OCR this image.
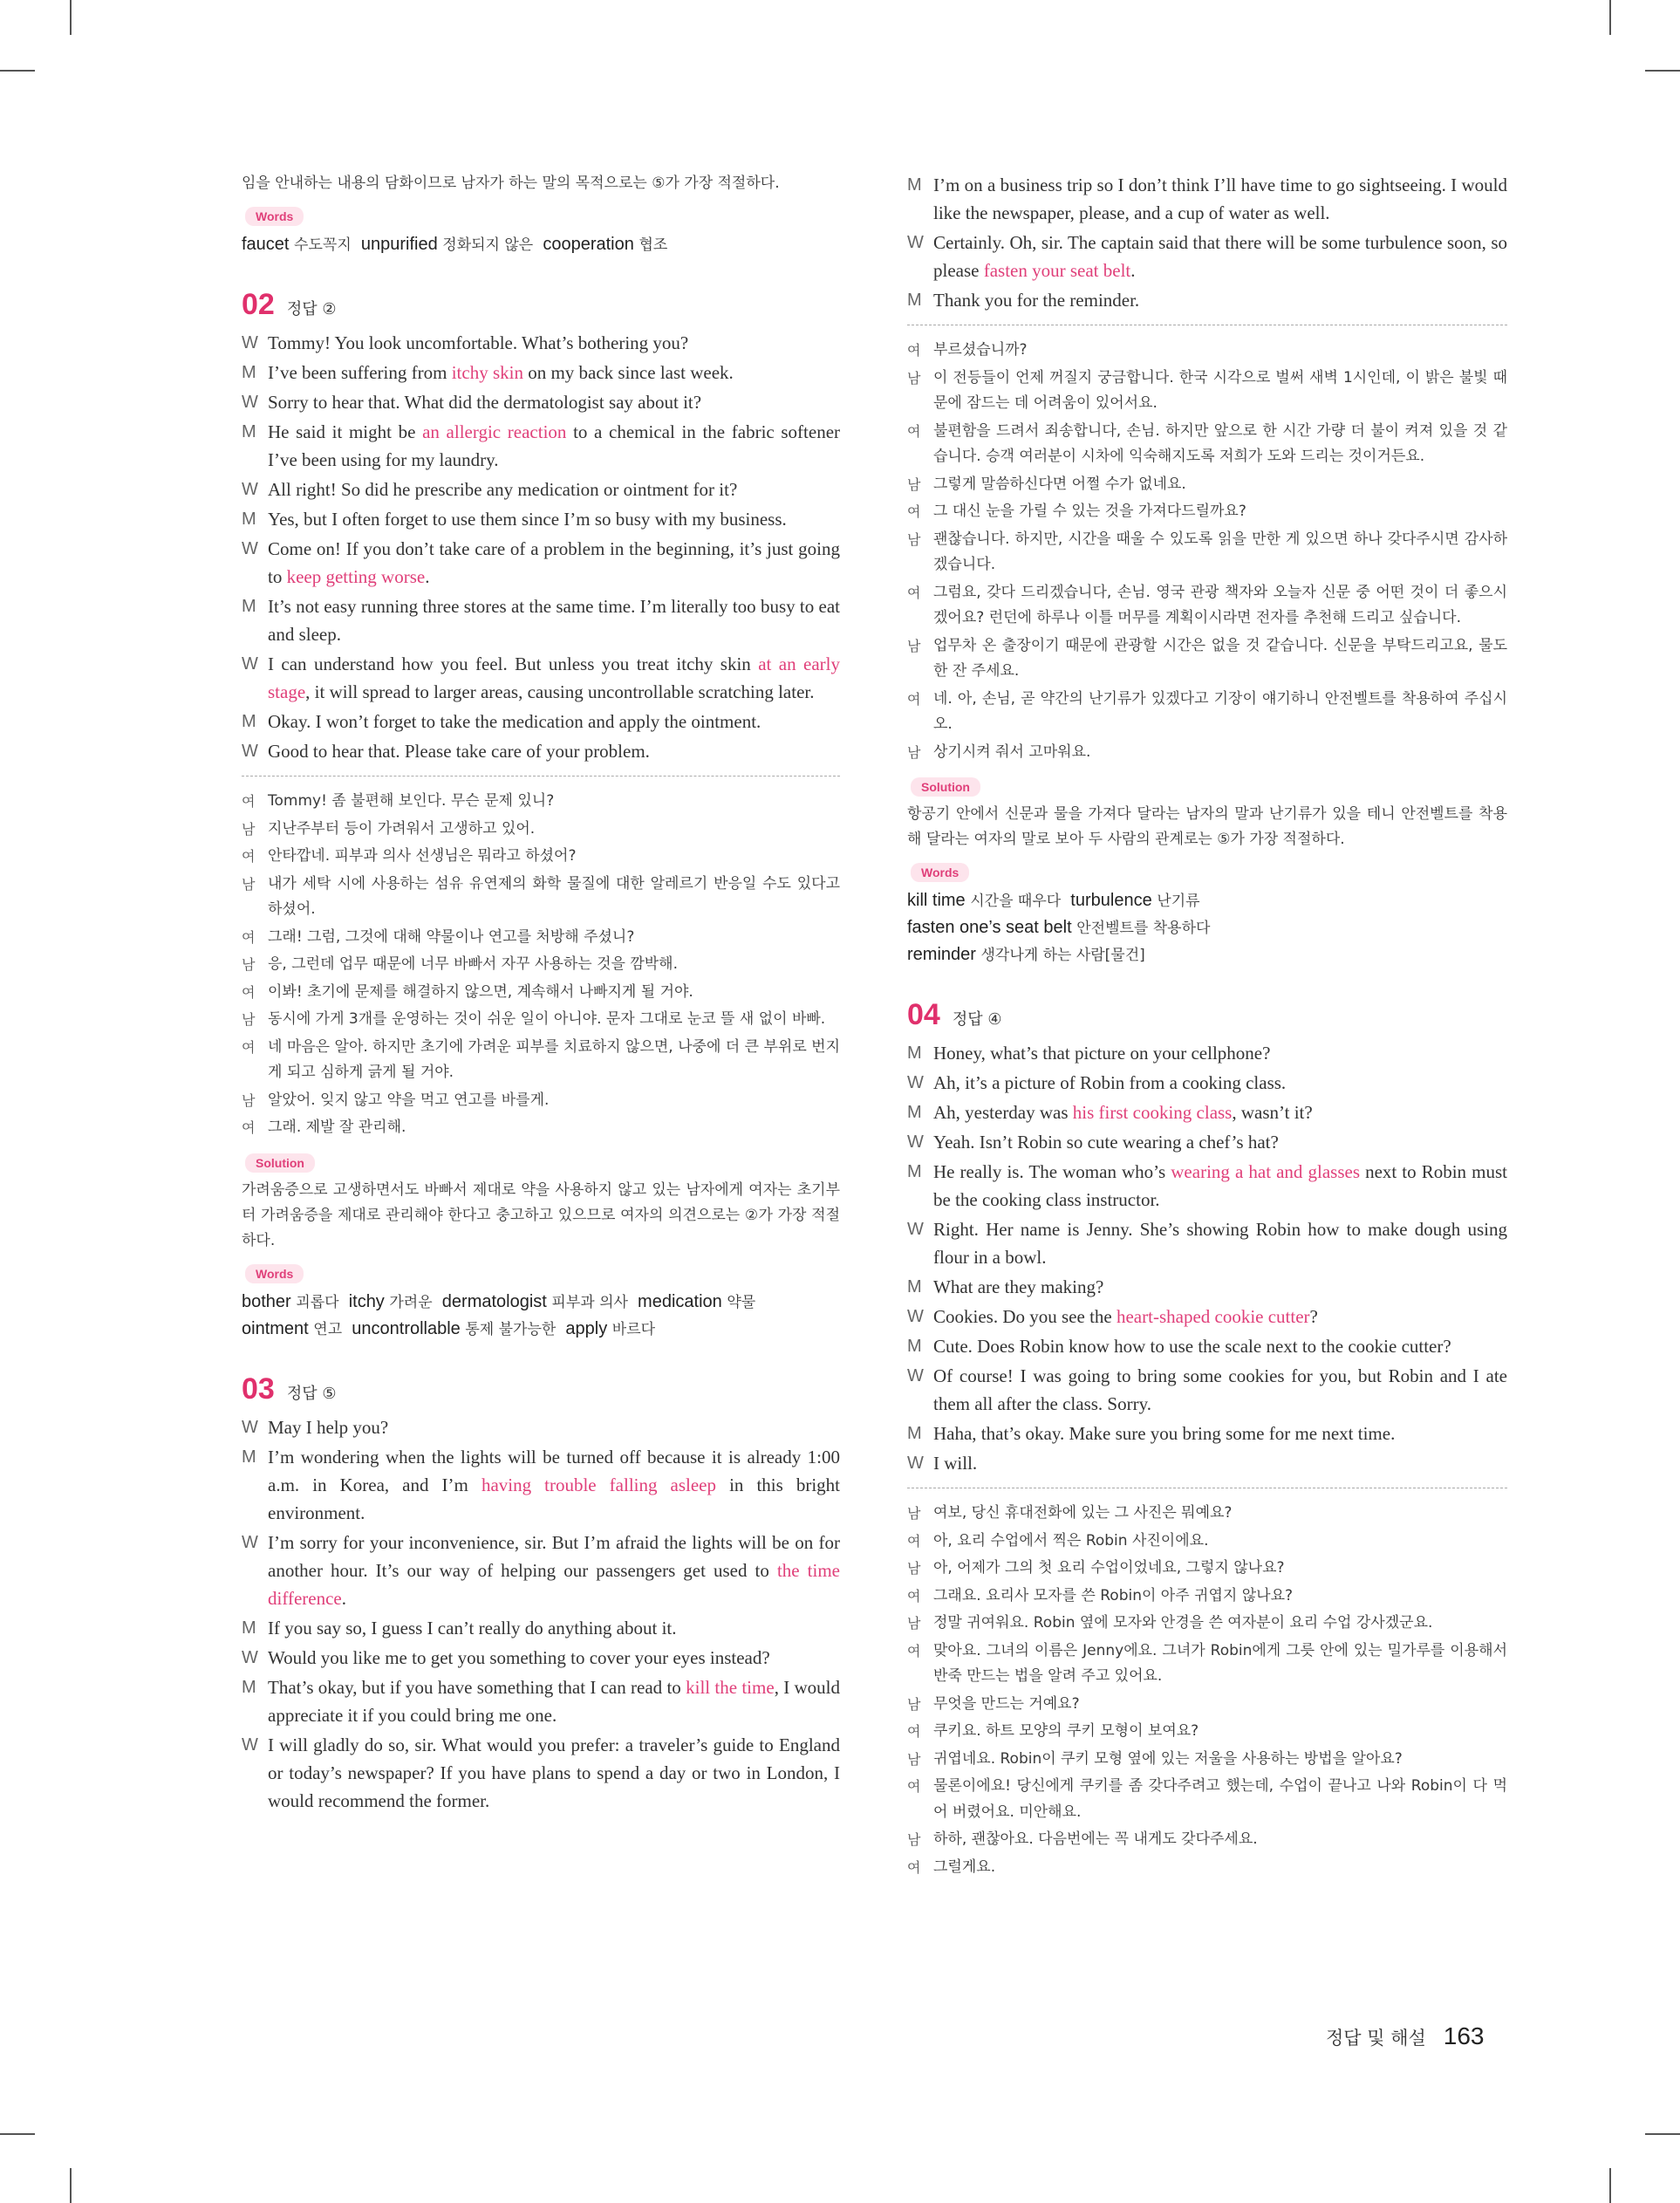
임을 안내하는 내용의 담화이므로 남자가 하는 말의 목적으로는 ⑤가 가장 적절하다.

Words
faucet 수도꼭지 unpurified 정화되지 않은 cooperation 협조
02 정답 ②
W Tommy! You look uncomfortable. What’s bothering you?
M I’ve been suffering from itchy skin on my back since last week.
W Sorry to hear that. What did the dermatologist say about it?
M He said it might be an allergic reaction to a chemical in the fabric softener I’ve been using for my laundry.
W All right! So did he prescribe any medication or ointment for it?
M Yes, but I often forget to use them since I’m so busy with my business.
W Come on! If you don’t take care of a problem in the beginning, it’s just going to keep getting worse.
M It’s not easy running three stores at the same time. I’m literally too busy to eat and sleep.
W I can understand how you feel. But unless you treat itchy skin at an early stage, it will spread to larger areas, causing uncontrollable scratching later.
M Okay. I won’t forget to take the medication and apply the ointment.
W Good to hear that. Please take care of your problem.
여 Tommy! 좀 불편해 보인다. 무슨 문제 있니?
남 지난주부터 등이 가려워서 고생하고 있어.
여 안타깝네. 피부과 의사 선생님은 뭐라고 하셨어?
남 내가 세탁 시에 사용하는 섬유 유연제의 화학 물질에 대한 알레르기 반응일 수도 있다고 하셨어.
여 그래! 그럼, 그것에 대해 약물이나 연고를 처방해 주셨니?
남 응, 그런데 업무 때문에 너무 바빠서 자꾸 사용하는 것을 깜박해.
여 이봐! 초기에 문제를 해결하지 않으면, 계속해서 나빠지게 될 거야.
남 동시에 가게 3개를 운영하는 것이 쉬운 일이 아니야. 문자 그대로 눈코 뜰 새 없이 바빠.
여 네 마음은 알아. 하지만 초기에 가려운 피부를 치료하지 않으면, 나중에 더 큰 부위로 번지게 되고 심하게 긁게 될 거야.
남 알았어. 잊지 않고 약을 먹고 연고를 바를게.
여 그래. 제발 잘 관리해.
Solution

가려움증으로 고생하면서도 바빠서 제대로 약을 사용하지 않고 있는 남자에게 여자는 초기부터 가려움증을 제대로 관리해야 한다고 충고하고 있으므로 여자의 의견으로는 ②가 가장 적절하다.

Words
bother 괴롭다 itchy 가려운 dermatologist 피부과 의사 medication 약물
ointment 연고 uncontrollable 통제 불가능한 apply 바르다
03 정답 ⑤
W May I help you?
M I’m wondering when the lights will be turned off because it is already 1:00 a.m. in Korea, and I’m having trouble falling asleep in this bright environment.
W I’m sorry for your inconvenience, sir. But I’m afraid the lights will be on for another hour. It’s our way of helping our passengers get used to the time difference.
M If you say so, I guess I can’t really do anything about it.
W Would you like me to get you something to cover your eyes instead?
M That’s okay, but if you have something that I can read to kill the time, I would appreciate it if you could bring me one.
W I will gladly do so, sir. What would you prefer: a traveler’s guide to England or today’s newspaper? If you have plans to spend a day or two in London, I would recommend the former.
M I’m on a business trip so I don’t think I’ll have time to go sightseeing. I would like the newspaper, please, and a cup of water as well.
W Certainly. Oh, sir. The captain said that there will be some turbulence soon, so please fasten your seat belt.
M Thank you for the reminder.
여 부르셨습니까?
남 이 전등들이 언제 꺼질지 궁금합니다. 한국 시각으로 벌써 새벽 1시인데, 이 밝은 불빛 때문에 잠드는 데 어려움이 있어서요.
여 불편함을 드려서 죄송합니다, 손님. 하지만 앞으로 한 시간 가량 더 불이 켜져 있을 것 같습니다. 승객 여러분이 시차에 익숙해지도록 저희가 도와 드리는 것이거든요.
남 그렇게 말씀하신다면 어쩔 수가 없네요.
여 그 대신 눈을 가릴 수 있는 것을 가져다드릴까요?
남 괜찮습니다. 하지만, 시간을 때울 수 있도록 읽을 만한 게 있으면 하나 갖다주시면 감사하겠습니다.
여 그럼요, 갖다 드리겠습니다, 손님. 영국 관광 책자와 오늘자 신문 중 어떤 것이 더 좋으시겠어요? 런던에 하루나 이틀 머무를 계획이시라면 전자를 추천해 드리고 싶습니다.
남 업무차 온 출장이기 때문에 관광할 시간은 없을 것 같습니다. 신문을 부탁드리고요, 물도 한 잔 주세요.
여 네. 아, 손님, 곧 약간의 난기류가 있겠다고 기장이 얘기하니 안전벨트를 착용하여 주십시오.
남 상기시켜 줘서 고마워요.
Solution

항공기 안에서 신문과 물을 가져다 달라는 남자의 말과 난기류가 있을 테니 안전벨트를 착용해 달라는 여자의 말로 보아 두 사람의 관계로는 ⑤가 가장 적절하다.

Words
kill time 시간을 때우다 turbulence 난기류
fasten one’s seat belt 안전벨트를 착용하다
reminder 생각나게 하는 사람[물건]
04 정답 ④
M Honey, what’s that picture on your cellphone?
W Ah, it’s a picture of Robin from a cooking class.
M Ah, yesterday was his first cooking class, wasn’t it?
W Yeah. Isn’t Robin so cute wearing a chef’s hat?
M He really is. The woman who’s wearing a hat and glasses next to Robin must be the cooking class instructor.
W Right. Her name is Jenny. She’s showing Robin how to make dough using flour in a bowl.
M What are they making?
W Cookies. Do you see the heart-shaped cookie cutter?
M Cute. Does Robin know how to use the scale next to the cookie cutter?
W Of course! I was going to bring some cookies for you, but Robin and I ate them all after the class. Sorry.
M Haha, that’s okay. Make sure you bring some for me next time.
W I will.
남 여보, 당신 휴대전화에 있는 그 사진은 뭐예요?
여 아, 요리 수업에서 찍은 Robin 사진이에요.
남 아, 어제가 그의 첫 요리 수업이었네요, 그렇지 않나요?
여 그래요. 요리사 모자를 쓴 Robin이 아주 귀엽지 않나요?
남 정말 귀여워요. Robin 옆에 모자와 안경을 쓴 여자분이 요리 수업 강사겠군요.
여 맞아요. 그녀의 이름은 Jenny에요. 그녀가 Robin에게 그릇 안에 있는 밀가루를 이용해서 반죽 만드는 법을 알려 주고 있어요.
남 무엇을 만드는 거예요?
여 쿠키요. 하트 모양의 쿠키 모형이 보여요?
남 귀엽네요. Robin이 쿠키 모형 옆에 있는 저울을 사용하는 방법을 알아요?
여 물론이에요! 당신에게 쿠키를 좀 갖다주려고 했는데, 수업이 끝나고 나와 Robin이 다 먹어 버렸어요. 미안해요.
남 하하, 괜찮아요. 다음번에는 꼭 내게도 갖다주세요.
여 그럴게요.
정답 및 해설 163
